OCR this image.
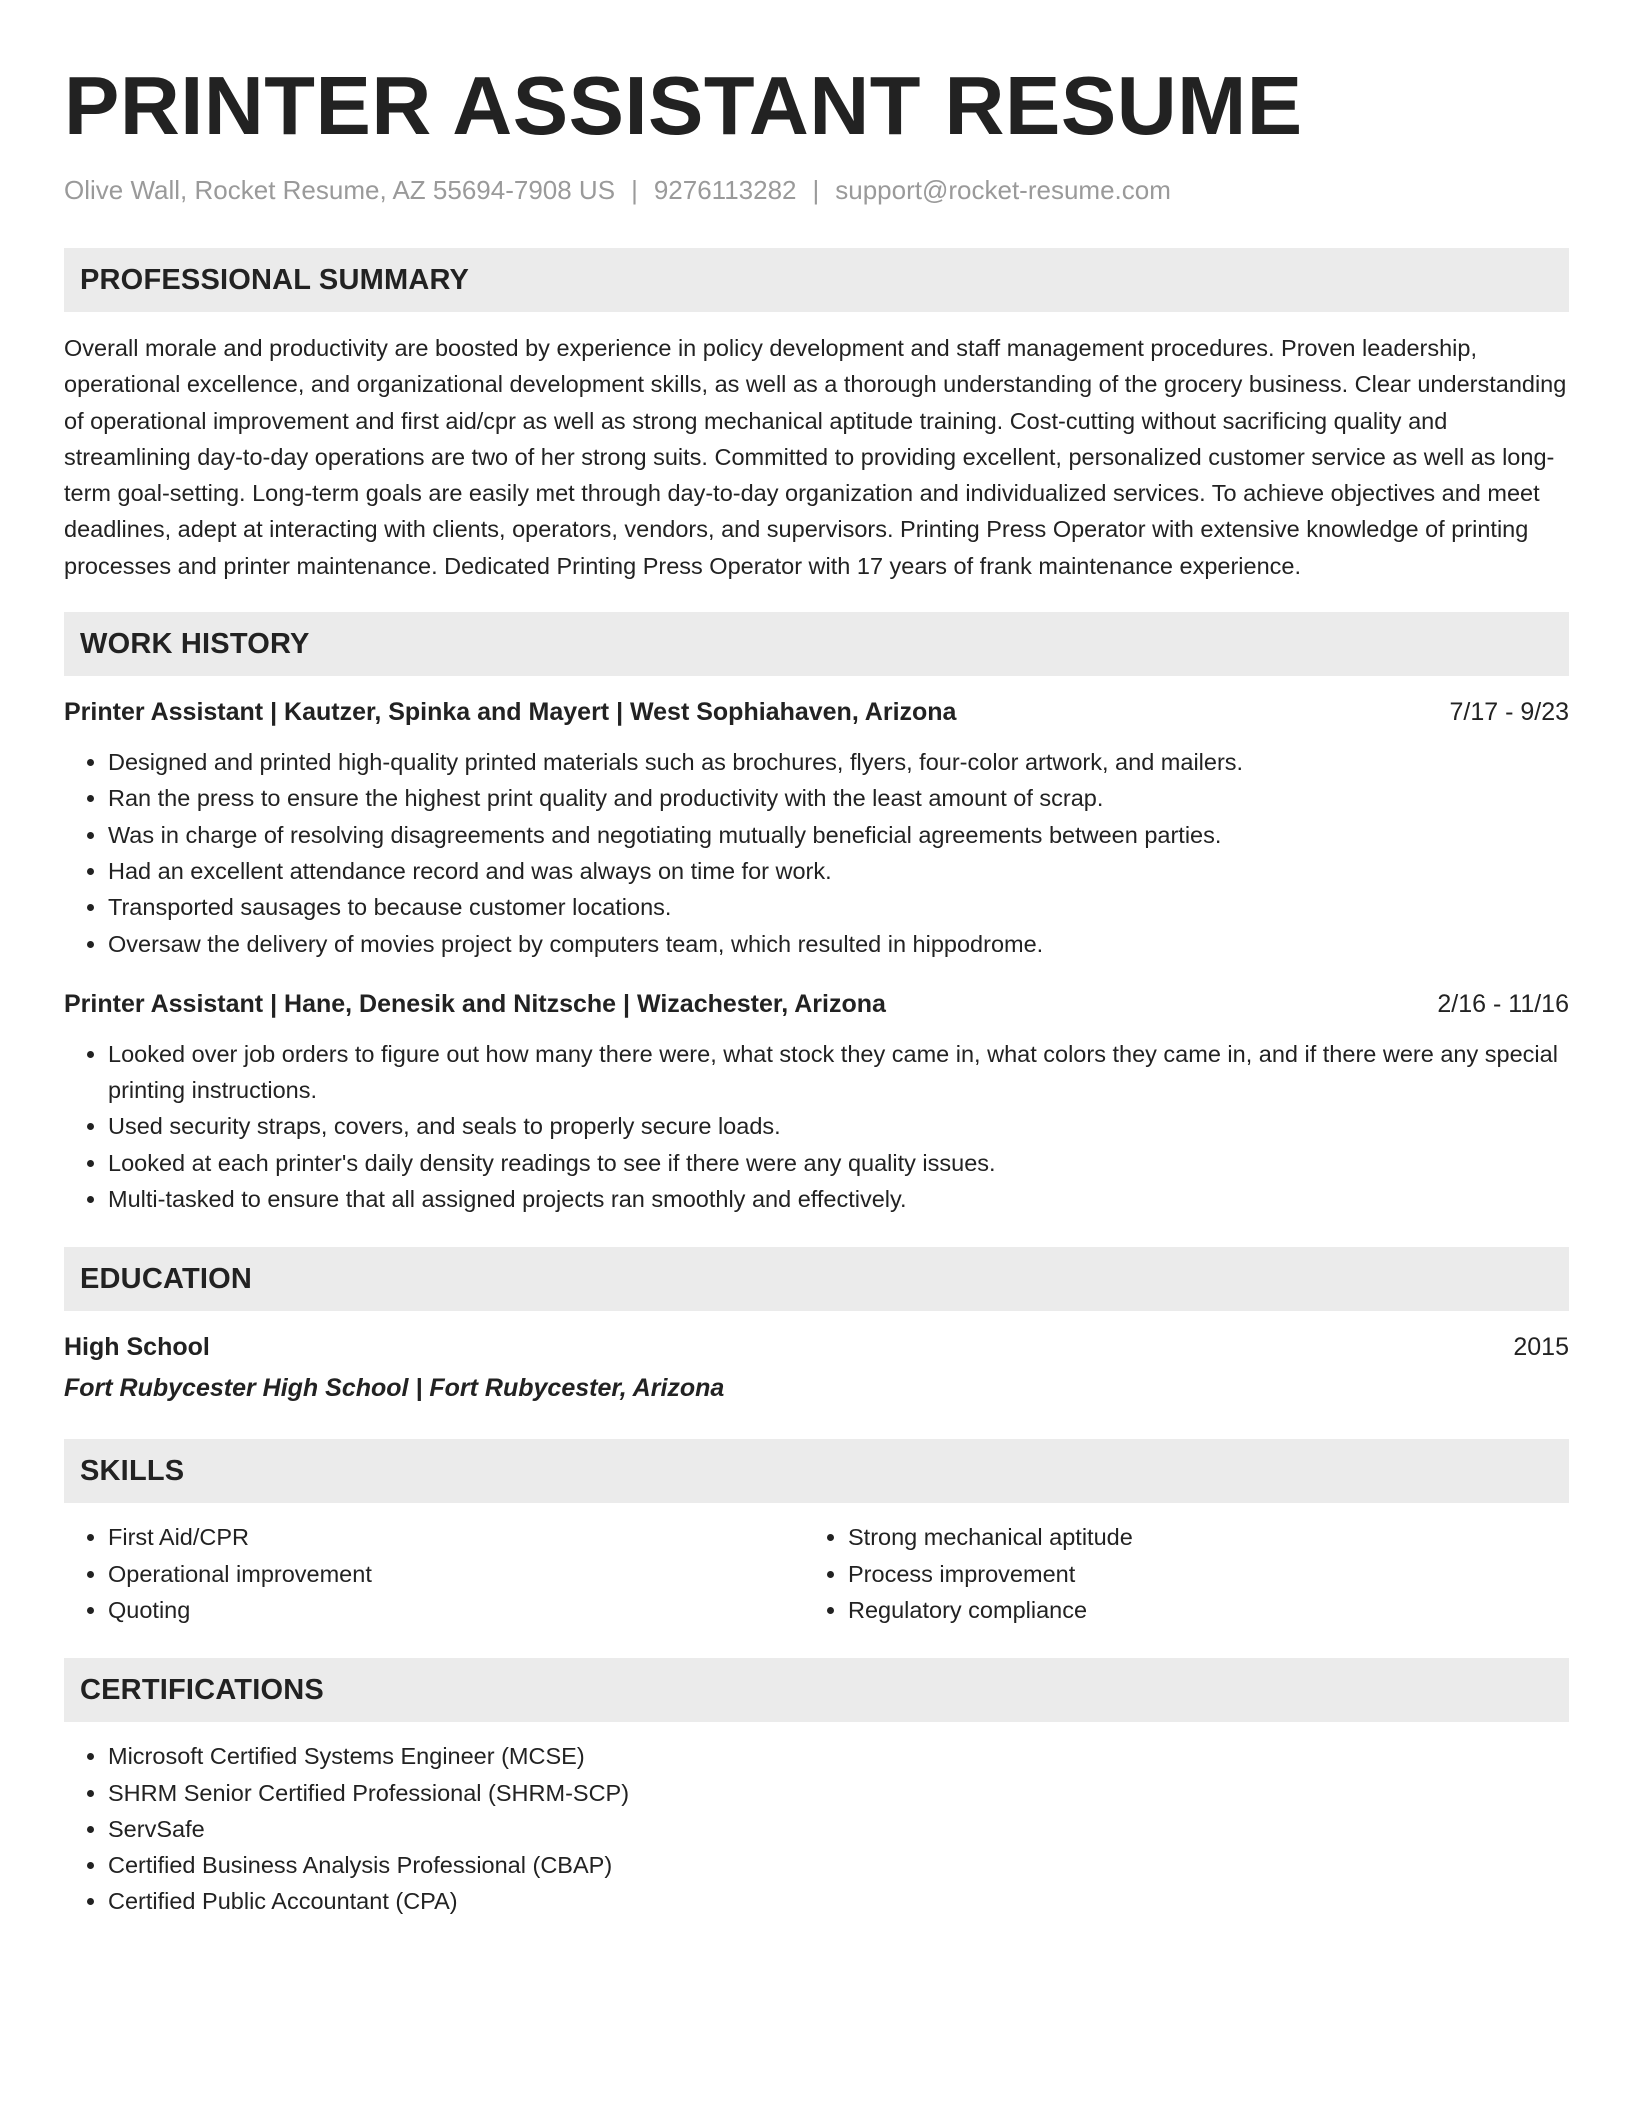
PRINTER ASSISTANT RESUME
Olive Wall, Rocket Resume, AZ 55694-7908 US | 9276113282 | support@rocket-resume.com
PROFESSIONAL SUMMARY
Overall morale and productivity are boosted by experience in policy development and staff management procedures. Proven leadership, operational excellence, and organizational development skills, as well as a thorough understanding of the grocery business. Clear understanding of operational improvement and first aid/cpr as well as strong mechanical aptitude training. Cost-cutting without sacrificing quality and streamlining day-to-day operations are two of her strong suits. Committed to providing excellent, personalized customer service as well as long-term goal-setting. Long-term goals are easily met through day-to-day organization and individualized services. To achieve objectives and meet deadlines, adept at interacting with clients, operators, vendors, and supervisors. Printing Press Operator with extensive knowledge of printing processes and printer maintenance. Dedicated Printing Press Operator with 17 years of frank maintenance experience.
WORK HISTORY
Printer Assistant | Kautzer, Spinka and Mayert | West Sophiahaven, Arizona	7/17 - 9/23
• Designed and printed high-quality printed materials such as brochures, flyers, four-color artwork, and mailers.
• Ran the press to ensure the highest print quality and productivity with the least amount of scrap.
• Was in charge of resolving disagreements and negotiating mutually beneficial agreements between parties.
• Had an excellent attendance record and was always on time for work.
• Transported sausages to because customer locations.
• Oversaw the delivery of movies project by computers team, which resulted in hippodrome.
Printer Assistant | Hane, Denesik and Nitzsche | Wizachester, Arizona	2/16 - 11/16
• Looked over job orders to figure out how many there were, what stock they came in, what colors they came in, and if there were any special printing instructions.
• Used security straps, covers, and seals to properly secure loads.
• Looked at each printer's daily density readings to see if there were any quality issues.
• Multi-tasked to ensure that all assigned projects ran smoothly and effectively.
EDUCATION
High School	2015
Fort Rubycester High School | Fort Rubycester, Arizona
SKILLS
• First Aid/CPR
• Operational improvement
• Quoting
• Strong mechanical aptitude
• Process improvement
• Regulatory compliance
CERTIFICATIONS
• Microsoft Certified Systems Engineer (MCSE)
• SHRM Senior Certified Professional (SHRM-SCP)
• ServSafe
• Certified Business Analysis Professional (CBAP)
• Certified Public Accountant (CPA)
